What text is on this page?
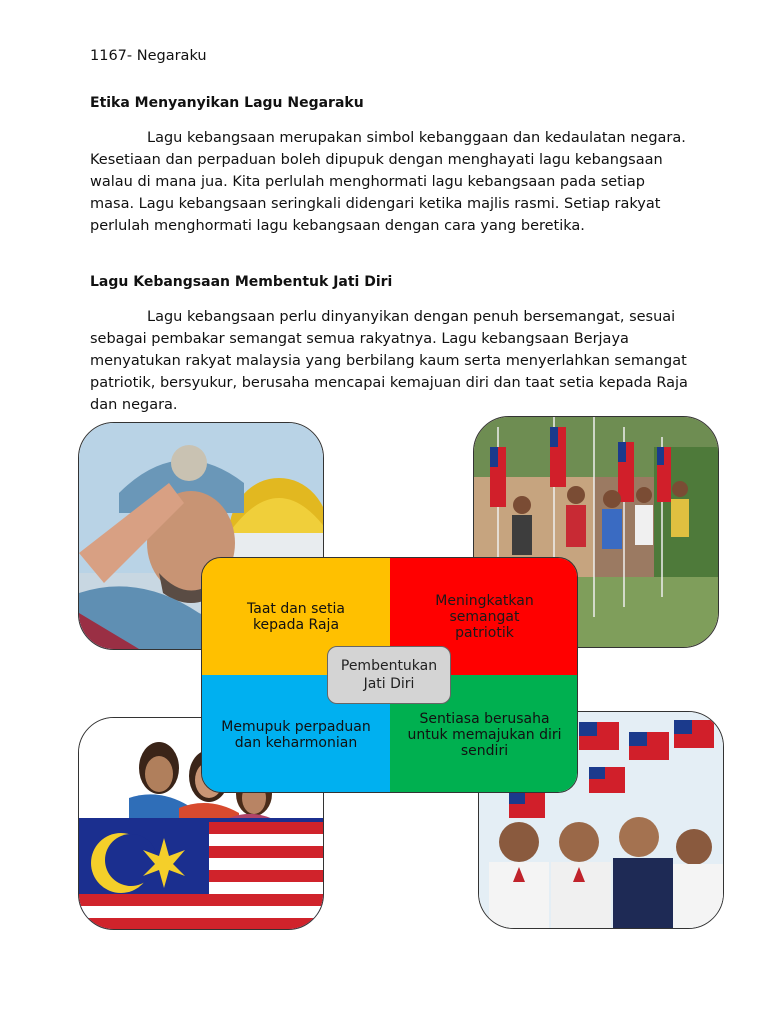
1167- Negaraku
Etika Menyanyikan Lagu Negaraku

Lagu kebangsaan merupakan simbol kebanggaan dan kedaulatan negara. Kesetiaan dan perpaduan boleh dipupuk dengan menghayati lagu kebangsaan walau di mana jua. Kita perlulah menghormati lagu kebangsaan pada setiap masa. Lagu kebangsaan seringkali didengari ketika majlis rasmi. Setiap rakyat perlulah menghormati lagu kebangsaan dengan cara yang beretika.

Lagu Kebangsaan Membentuk Jati Diri

Lagu kebangsaan perlu dinyanyikan dengan penuh bersemangat, sesuai sebagai pembakar semangat semua rakyatnya. Lagu kebangsaan Berjaya menyatukan rakyat malaysia yang berbilang kaum serta menyerlahkan semangat patriotik, bersyukur, berusaha mencapai kemajuan diri dan taat setia kepada Raja dan negara.

Taat dan setia kepada Raja
Meningkatkan semangat patriotik
Memupuk perpaduan dan keharmonian
Sentiasa berusaha untuk memajukan diri sendiri
Pembentukan Jati Diri
